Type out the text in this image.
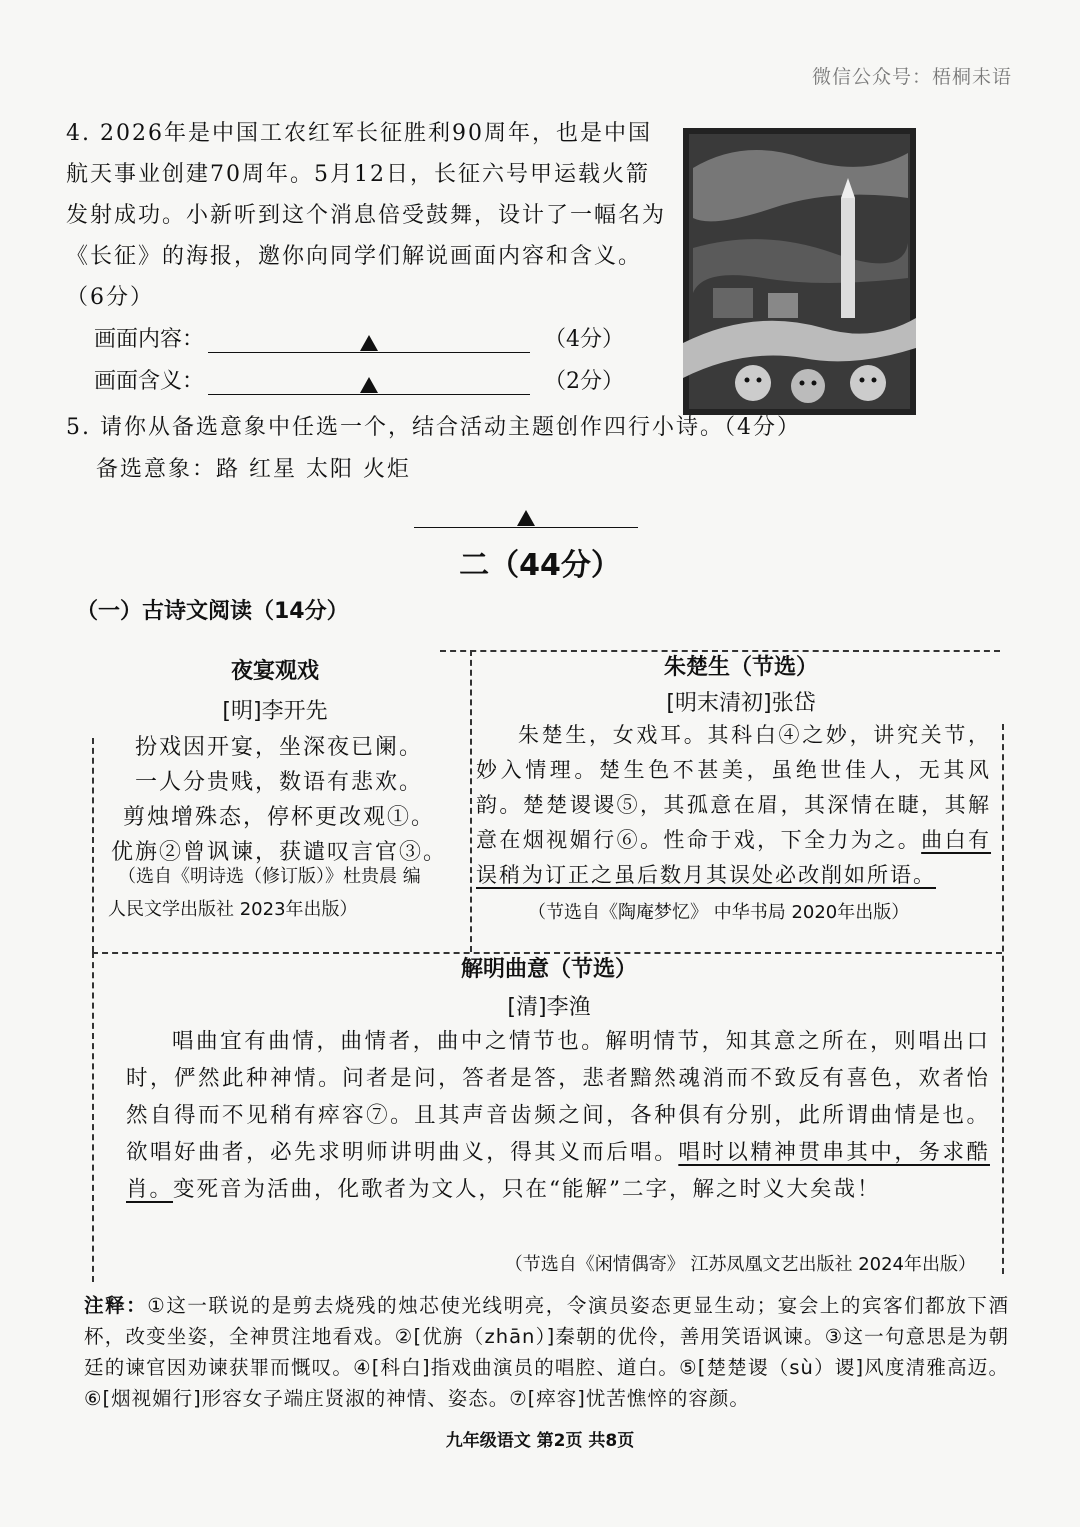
微信公众号：梧桐未语
4. 2026年是中国工农红军长征胜利90周年，也是中国航天事业创建70周年。5月12日，长征六号甲运载火箭发射成功。小新听到这个消息倍受鼓舞，设计了一幅名为《长征》的海报，邀你向同学们解说画面内容和含义。（6分）
画面内容：	（4分）
画面含义：	（2分）
5. 请你从备选意象中任选一个，结合活动主题创作四行小诗。（4分）
备选意象：路 红星 太阳 火炬
二（44分）
（一）古诗文阅读（14分）
夜宴观戏
[明]李开先
扮戏因开宴，坐深夜已阑。
一人分贵贱，数语有悲欢。
剪烛增殊态，停杯更改观①。
优旃②曾讽谏，获谴叹言官③。
（选自《明诗选（修订版）》杜贵晨 编
人民文学出版社 2023年出版）
朱楚生（节选）
[明末清初]张岱
朱楚生，女戏耳。其科白④之妙，讲究关节，妙入情理。楚生色不甚美，虽绝世佳人，无其风韵。楚楚谡谡⑤，其孤意在眉，其深情在睫，其解意在烟视媚行⑥。性命于戏，下全力为之。曲白有误稍为订正之虽后数月其误处必改削如所语。
（节选自《陶庵梦忆》 中华书局 2020年出版）
解明曲意（节选）
[清]李渔
唱曲宜有曲情，曲情者，曲中之情节也。解明情节，知其意之所在，则唱出口时，俨然此种神情。问者是问，答者是答，悲者黯然魂消而不致反有喜色，欢者怡然自得而不见稍有瘁容⑦。且其声音齿频之间，各种俱有分别，此所谓曲情是也。欲唱好曲者，必先求明师讲明曲义，得其义而后唱。唱时以精神贯串其中，务求酷肖。变死音为活曲，化歌者为文人，只在“能解”二字，解之时义大矣哉！
（节选自《闲情偶寄》 江苏凤凰文艺出版社 2024年出版）
注释：①这一联说的是剪去烧残的烛芯使光线明亮，令演员姿态更显生动；宴会上的宾客们都放下酒杯，改变坐姿，全神贯注地看戏。②[优旃（zhān）]秦朝的优伶，善用笑语讽谏。③这一句意思是为朝廷的谏官因劝谏获罪而慨叹。④[科白]指戏曲演员的唱腔、道白。⑤[楚楚谡（sù）谡]风度清雅高迈。⑥[烟视媚行]形容女子端庄贤淑的神情、姿态。⑦[瘁容]忧苦憔悴的容颜。
九年级语文 第2页 共8页
